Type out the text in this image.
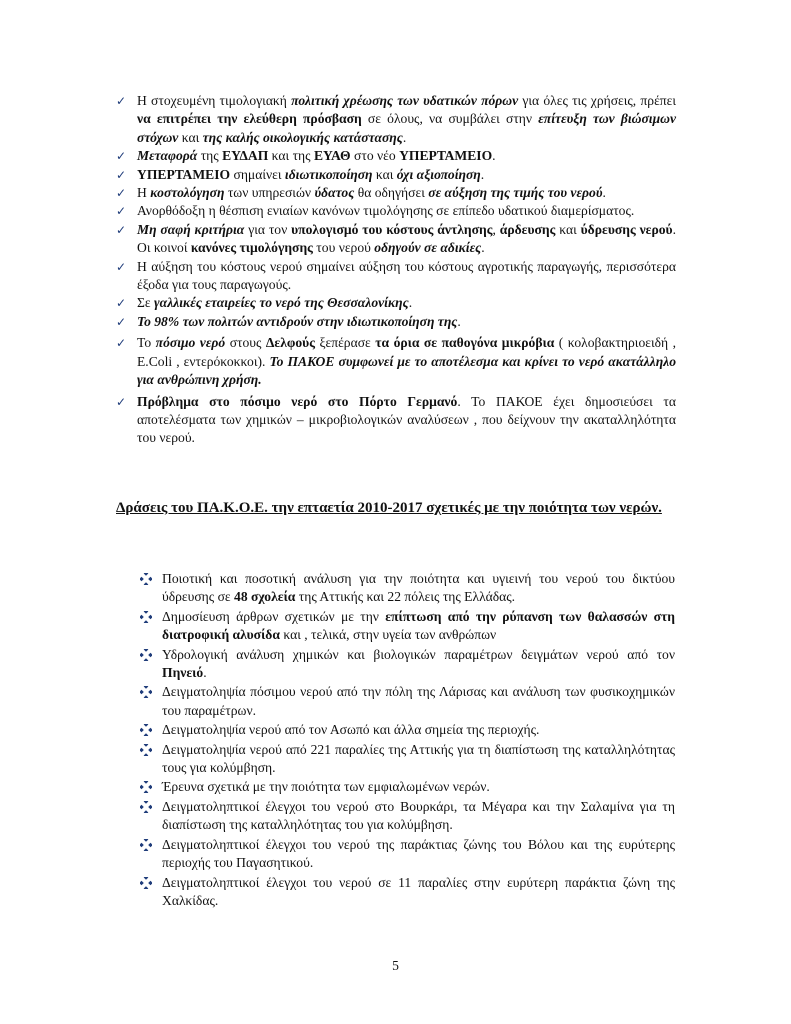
✓ Η στοχευμένη τιμολογιακή πολιτική χρέωσης των υδατικών πόρων για όλες τις χρήσεις, πρέπει να επιτρέπει την ελεύθερη πρόσβαση σε όλους, να συμβάλει στην επίτευξη των βιώσιμων στόχων και της καλής οικολογικής κατάστασης.
✓ Μεταφορά της ΕΥΔΑΠ και της ΕΥΑΘ στο νέο ΥΠΕΡΤΑΜΕΙΟ.
✓ ΥΠΕΡΤΑΜΕΙΟ σημαίνει ιδιωτικοποίηση και όχι αξιοποίηση.
✓ Η κοστολόγηση των υπηρεσιών ύδατος θα οδηγήσει σε αύξηση της τιμής του νερού.
✓ Ανορθόδοξη η θέσπιση ενιαίων κανόνων τιμολόγησης σε επίπεδο υδατικού διαμερίσματος.
✓ Μη σαφή κριτήρια για τον υπολογισμό του κόστους άντλησης, άρδευσης και ύδρευσης νερού. Οι κοινοί κανόνες τιμολόγησης του νερού οδηγούν σε αδικίες.
✓ Η αύξηση του κόστους νερού σημαίνει αύξηση του κόστους αγροτικής παραγωγής, περισσότερα έξοδα για τους παραγωγούς.
✓ Σε γαλλικές εταιρείες το νερό της Θεσσαλονίκης.
✓ Το 98% των πολιτών αντιδρούν στην ιδιωτικοποίηση της.
✓ Το πόσιμο νερό στους Δελφούς ξεπέρασε τα όρια σε παθογόνα μικρόβια ( κολοβακτηριοειδή , E.Coli , εντερόκοκκοι). Το ΠΑΚΟΕ συμφωνεί με το αποτέλεσμα και κρίνει το νερό ακατάλληλο για ανθρώπινη χρήση.
✓ Πρόβλημα στο πόσιμο νερό στο Πόρτο Γερμανό. Το ΠΑΚΟΕ έχει δημοσιεύσει τα αποτελέσματα των χημικών – μικροβιολογικών αναλύσεων , που δείχνουν την ακαταλληλότητα του νερού.
Δράσεις του ΠΑ.Κ.Ο.Ε. την επταετία 2010-2017 σχετικές με την ποιότητα των νερών.
Ποιοτική και ποσοτική ανάλυση για την ποιότητα και υγιεινή του νερού του δικτύου ύδρευσης σε 48 σχολεία της Αττικής και 22 πόλεις της Ελλάδας.
Δημοσίευση άρθρων σχετικών με την επίπτωση από την ρύπανση των θαλασσών στη διατροφική αλυσίδα και , τελικά, στην υγεία των ανθρώπων
Υδρολογική ανάλυση χημικών και βιολογικών παραμέτρων δειγμάτων νερού από τον Πηνειό.
Δειγματοληψία πόσιμου νερού από την πόλη της Λάρισας και ανάλυση των φυσικοχημικών του παραμέτρων.
Δειγματοληψία νερού από τον Ασωπό και άλλα σημεία της περιοχής.
Δειγματοληψία νερού από 221 παραλίες της Αττικής για τη διαπίστωση της καταλληλότητας τους για κολύμβηση.
Έρευνα σχετικά με την ποιότητα των εμφιαλωμένων νερών.
Δειγματοληπτικοί έλεγχοι του νερού στο Βουρκάρι, τα Μέγαρα και την Σαλαμίνα για τη διαπίστωση της καταλληλότητας του για κολύμβηση.
Δειγματοληπτικοί έλεγχοι του νερού της παράκτιας ζώνης του Βόλου και της ευρύτερης περιοχής του Παγασητικού.
Δειγματοληπτικοί έλεγχοι του νερού σε 11 παραλίες στην ευρύτερη παράκτια ζώνη της Χαλκίδας.
5
